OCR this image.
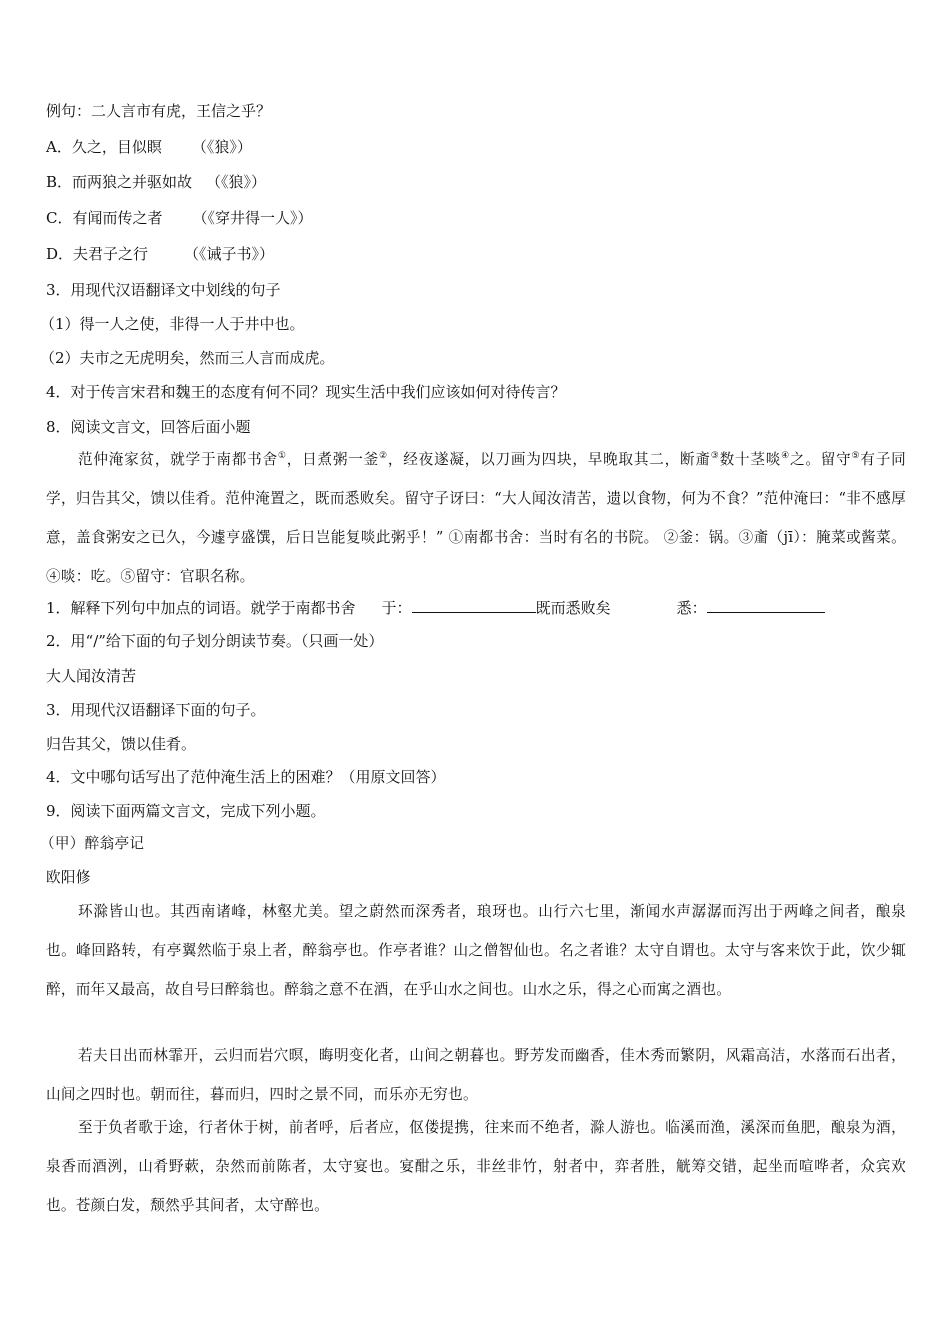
例句：二人言市有虎，王信之乎？
A．久之，目似瞑 （《狼》）
B．而两狼之并驱如故 （《狼》）
C．有闻而传之者 （《穿井得一人》）
D．夫君子之行 （《诫子书》）
3．用现代汉语翻译文中划线的句子
（1）得一人之使，非得一人于井中也。
（2）夫市之无虎明矣，然而三人言而成虎。
4．对于传言宋君和魏王的态度有何不同？现实生活中我们应该如何对待传言？
8．阅读文言文，回答后面小题
范仲淹家贫，就学于南都书舍①，日煮粥一釜②，经夜遂凝，以刀画为四块，早晚取其二，断齑③数十茎啖④之。留守⑤有子同学，归告其父，馈以佳肴。范仲淹置之，既而悉败矣。留守子讶曰：“大人闻汝清苦，遗以食物，何为不食？”范仲淹曰：“非不感厚意，盖食粥安之已久，今遽亨盛馔，后日岂能复啖此粥乎！” ①南都书舍：当时有名的书院。 ②釜：锅。③齑（jī）：腌菜或酱菜。④啖：吃。⑤留守：官职名称。
1．解释下列句中加点的词语。就学于南都书舍 于：	既而悉败矣	悉：
2．用“/”给下面的句子划分朗读节奏。（只画一处）
大人闻汝清苦
3．用现代汉语翻译下面的句子。
归告其父，馈以佳肴。
4．文中哪句话写出了范仲淹生活上的困难？（用原文回答）
9．阅读下面两篇文言文，完成下列小题。
（甲）醉翁亭记
欧阳修
环滁皆山也。其西南诸峰，林壑尤美。望之蔚然而深秀者，琅玡也。山行六七里，渐闻水声潺潺而泻出于两峰之间者，酿泉也。峰回路转，有亭翼然临于泉上者，醉翁亭也。作亭者谁？山之僧智仙也。名之者谁？太守自谓也。太守与客来饮于此，饮少辄醉，而年又最高，故自号曰醉翁也。醉翁之意不在酒，在乎山水之间也。山水之乐，得之心而寓之酒也。
若夫日出而林霏开，云归而岩穴暝，晦明变化者，山间之朝暮也。野芳发而幽香，佳木秀而繁阴，风霜高洁，水落而石出者，山间之四时也。朝而往，暮而归，四时之景不同，而乐亦无穷也。
至于负者歌于途，行者休于树，前者呼，后者应，伛偻提携，往来而不绝者，滁人游也。临溪而渔，溪深而鱼肥，酿泉为酒，泉香而酒洌，山肴野蔌，杂然而前陈者，太守宴也。宴酣之乐，非丝非竹，射者中，弈者胜，觥筹交错，起坐而喧哗者，众宾欢也。苍颜白发，颓然乎其间者，太守醉也。
